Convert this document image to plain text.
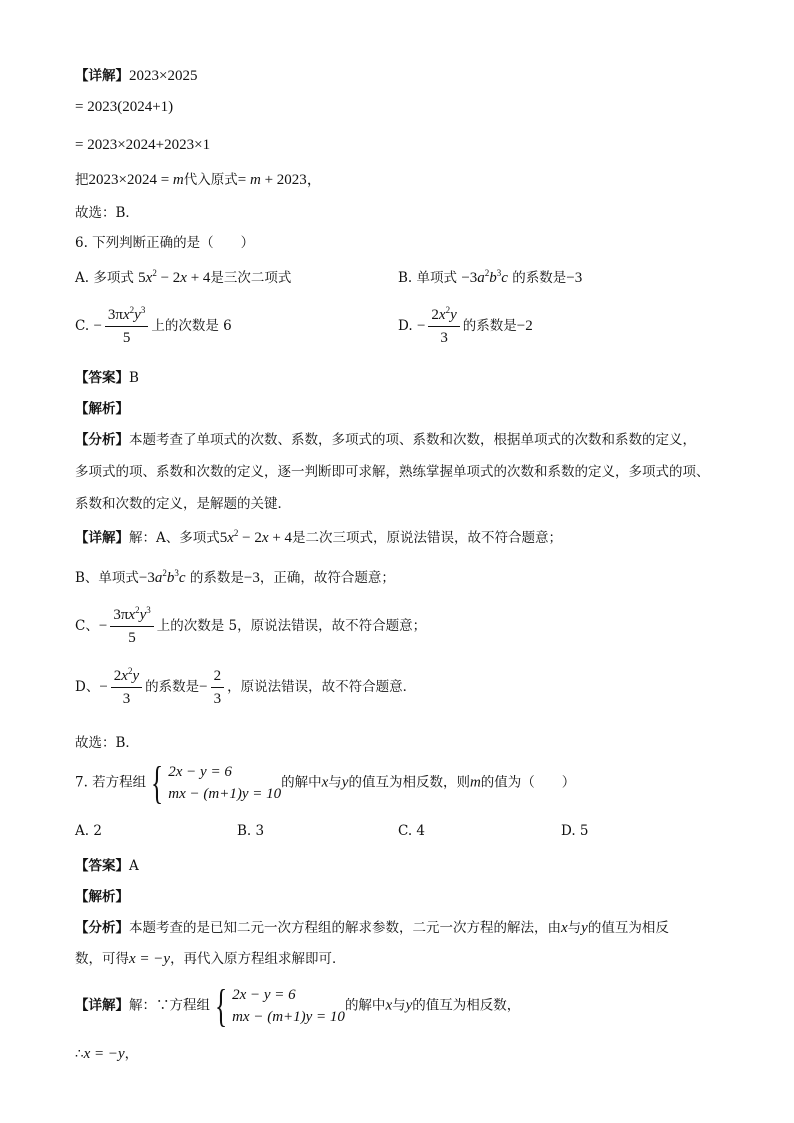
【详解】2023×2025
= 2023(2024+1)
= 2023×2024+2023×1
把2023×2024 = m代入原式= m + 2023，
故选：B．
6. 下列判断正确的是（　　）
A. 多项式 $5x^2 - 2x + 4$是三次二项式	B. 单项式 $-3a^2b^3c$ 的系数是−3
C. − $\frac{3\pi x^2y^3}{5}$ 上的次数是 6	D. − $\frac{2x^2y}{3}$ 的系数是−2
【答案】B
【解析】
【分析】本题考查了单项式的次数、系数，多项式的项、系数和次数，根据单项式的次数和系数的定义，
多项式的项、系数和次数的定义，逐一判断即可求解，熟练掌握单项式的次数和系数的定义，多项式的项、
系数和次数的定义，是解题的关键．
【详解】解：A、多项式$5x^2 - 2x + 4$是二次三项式，原说法错误，故不符合题意；
B、单项式$-3a^2b^3c$ 的系数是−3，正确，故符合题意；
C、− $\frac{3\pi x^2y^3}{5}$ 上的次数是 5，原说法错误，故不符合题意；
D、− $\frac{2x^2y}{3}$ 的系数是− $\frac{2}{3}$ ，原说法错误，故不符合题意．
故选：B．
7. 若方程组 { 2x − y = 6
mx − (m+1)y = 10
的解中x与y的值互为相反数，则m的值为（　　）
A. 2	B. 3	C. 4	D. 5
【答案】A
【解析】
【分析】本题考查的是已知二元一次方程组的解求参数，二元一次方程的解法，由x与y的值互为相反
数，可得x = −y，再代入原方程组求解即可．
【详解】解：∵方程组 { 2x − y = 6
mx − (m+1)y = 10
的解中x与y的值互为相反数，
∴x = −y，
